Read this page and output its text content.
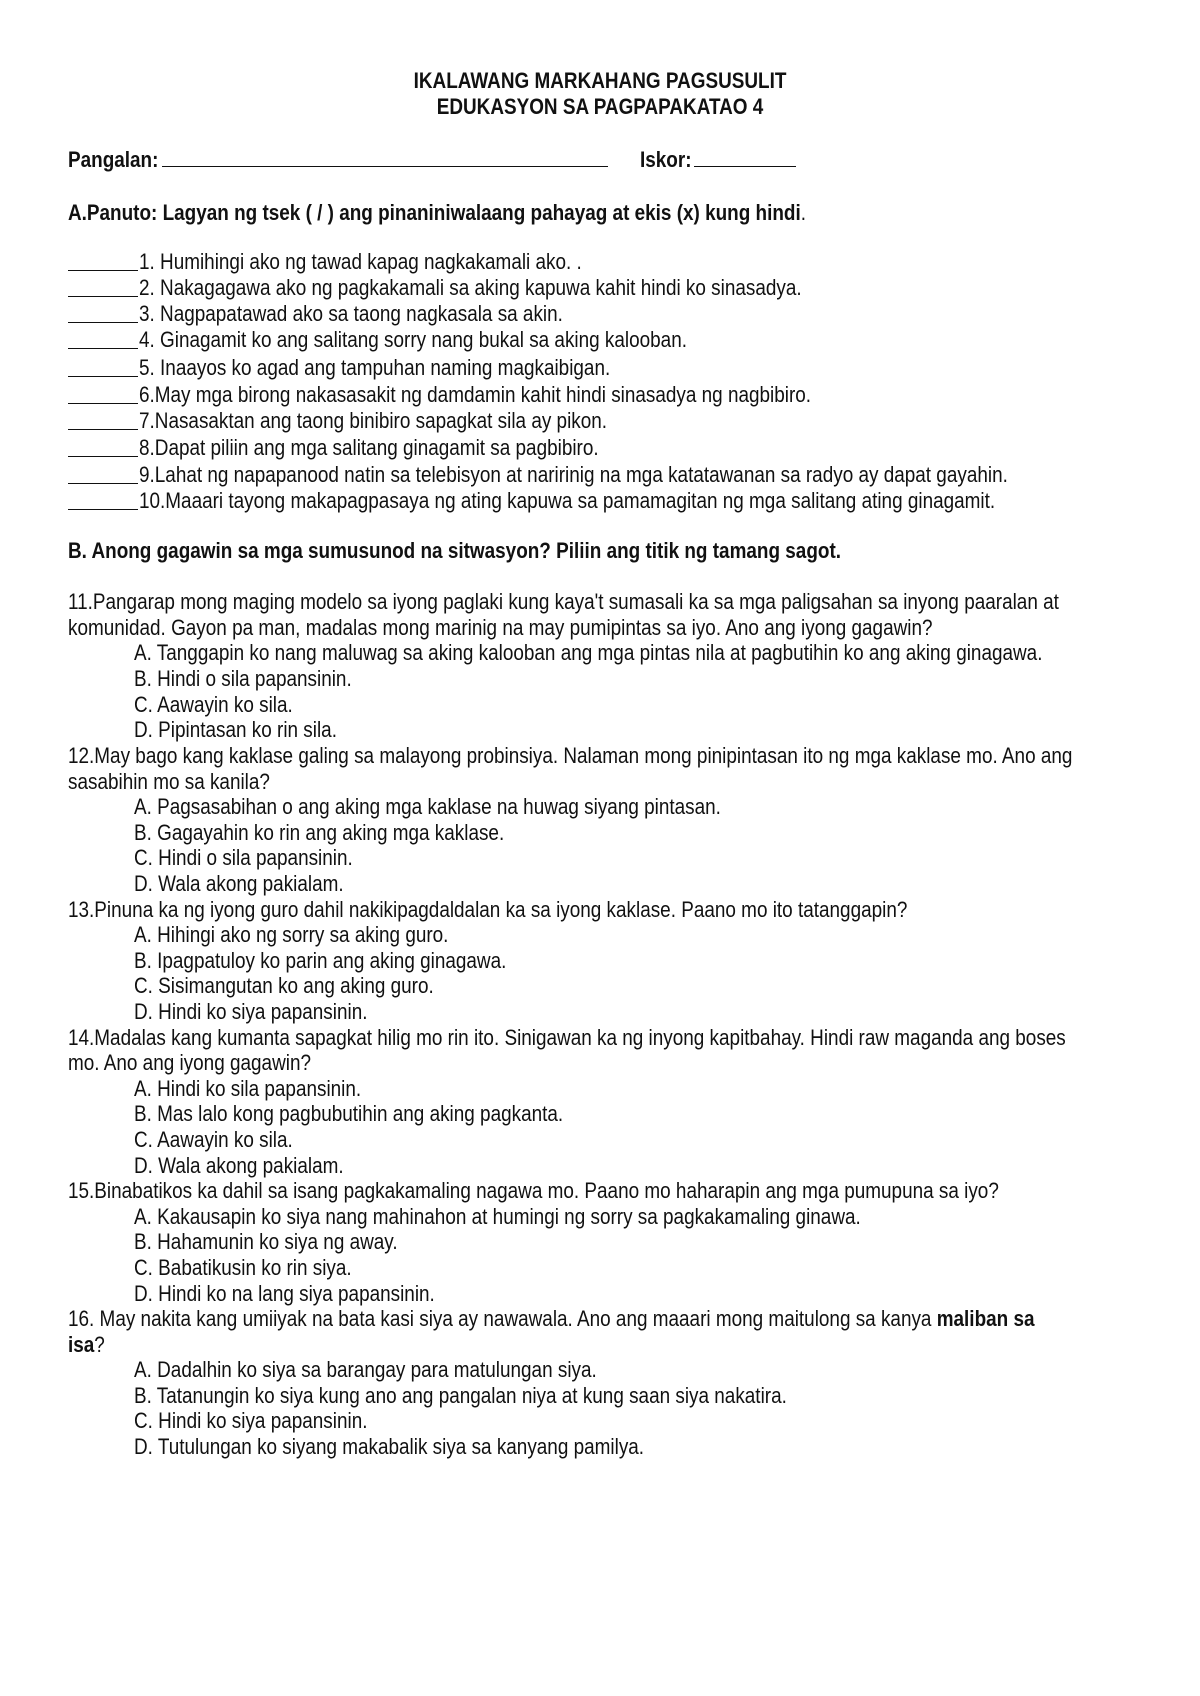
IKALAWANG MARKAHANG PAGSUSULIT
EDUKASYON SA PAGPAPAKATAO 4
Pangalan:	Iskor:
A.Panuto: Lagyan ng tsek ( / ) ang pinaniniwalaang pahayag at ekis (x) kung hindi.
1. Humihingi ako ng tawad kapag nagkakamali ako. .
2. Nakagagawa ako ng pagkakamali sa aking kapuwa kahit hindi ko sinasadya.
3. Nagpapatawad ako sa taong nagkasala sa akin.
4. Ginagamit ko ang salitang sorry nang bukal sa aking kalooban.
5. Inaayos ko agad ang tampuhan naming magkaibigan.
6.May mga birong nakasasakit ng damdamin kahit hindi sinasadya ng nagbibiro.
7.Nasasaktan ang taong binibiro sapagkat sila ay pikon.
8.Dapat piliin ang mga salitang ginagamit sa pagbibiro.
9.Lahat ng napapanood natin sa telebisyon at naririnig na mga katatawanan sa radyo ay dapat gayahin.
10.Maaari tayong makapagpasaya ng ating kapuwa sa pamamagitan ng mga salitang ating ginagamit.
B. Anong gagawin sa mga sumusunod na sitwasyon? Piliin ang titik ng tamang sagot.
11.Pangarap mong maging modelo sa iyong paglaki kung kaya't sumasali ka sa mga paligsahan sa inyong paaralan at
komunidad. Gayon pa man, madalas mong marinig na may pumipintas sa iyo. Ano ang iyong gagawin?
A. Tanggapin ko nang maluwag sa aking kalooban ang mga pintas nila at pagbutihin ko ang aking ginagawa.
B. Hindi o sila papansinin.
C. Aawayin ko sila.
D. Pipintasan ko rin sila.
12.May bago kang kaklase galing sa malayong probinsiya. Nalaman mong pinipintasan ito ng mga kaklase mo. Ano ang
sasabihin mo sa kanila?
A. Pagsasabihan o ang aking mga kaklase na huwag siyang pintasan.
B. Gagayahin ko rin ang aking mga kaklase.
C. Hindi o sila papansinin.
D. Wala akong pakialam.
13.Pinuna ka ng iyong guro dahil nakikipagdaldalan ka sa iyong kaklase. Paano mo ito tatanggapin?
A. Hihingi ako ng sorry sa aking guro.
B. Ipagpatuloy ko parin ang aking ginagawa.
C. Sisimangutan ko ang aking guro.
D. Hindi ko siya papansinin.
14.Madalas kang kumanta sapagkat hilig mo rin ito. Sinigawan ka ng inyong kapitbahay. Hindi raw maganda ang boses
mo. Ano ang iyong gagawin?
A. Hindi ko sila papansinin.
B. Mas lalo kong pagbubutihin ang aking pagkanta.
C. Aawayin ko sila.
D. Wala akong pakialam.
15.Binabatikos ka dahil sa isang pagkakamaling nagawa mo. Paano mo haharapin ang mga pumupuna sa iyo?
A. Kakausapin ko siya nang mahinahon at humingi ng sorry sa pagkakamaling ginawa.
B. Hahamunin ko siya ng away.
C. Babatikusin ko rin siya.
D. Hindi ko na lang siya papansinin.
16. May nakita kang umiiyak na bata kasi siya ay nawawala. Ano ang maaari mong maitulong sa kanya maliban sa
isa?
A. Dadalhin ko siya sa barangay para matulungan siya.
B. Tatanungin ko siya kung ano ang pangalan niya at kung saan siya nakatira.
C. Hindi ko siya papansinin.
D. Tutulungan ko siyang makabalik siya sa kanyang pamilya.
